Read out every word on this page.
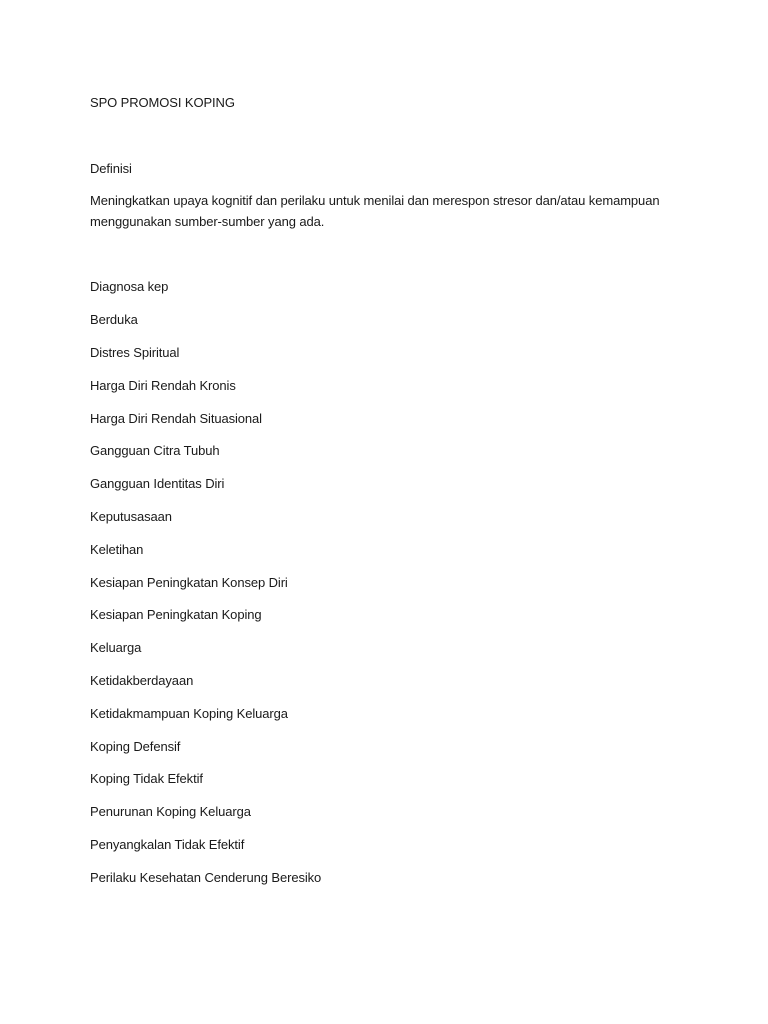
SPO PROMOSI KOPING
Definisi
Meningkatkan upaya kognitif dan perilaku untuk menilai dan merespon stresor dan/atau kemampuan menggunakan sumber-sumber yang ada.
Diagnosa kep
Berduka
Distres Spiritual
Harga Diri Rendah Kronis
Harga Diri Rendah Situasional
Gangguan Citra Tubuh
Gangguan Identitas Diri
Keputusasaan
Keletihan
Kesiapan Peningkatan Konsep Diri
Kesiapan Peningkatan Koping
Keluarga
Ketidakberdayaan
Ketidakmampuan Koping Keluarga
Koping Defensif
Koping Tidak Efektif
Penurunan Koping Keluarga
Penyangkalan Tidak Efektif
Perilaku Kesehatan Cenderung Beresiko
